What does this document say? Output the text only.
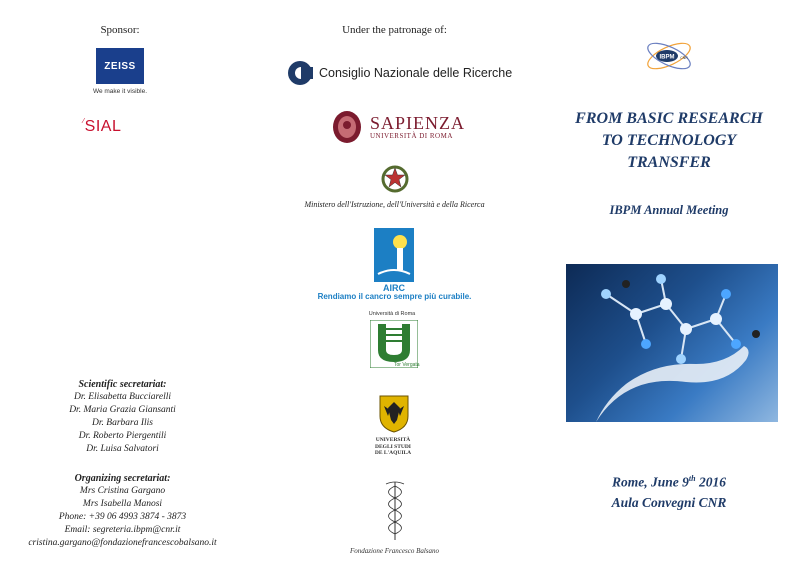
Sponsor:
ZEISS
We make it visible.
⁄SIAL
Scientific secretariat:
Dr. Elisabetta Bucciarelli
Dr. Maria Grazia Giansanti
Dr. Barbara Ilis
Dr. Roberto Piergentili
Dr. Luisa Salvatori
Organizing secretariat:
Mrs Cristina Gargano
Mrs Isabella Manosi
Phone: +39 06 4993 3874 - 3873
Email: segreteria.ibpm@cnr.it
cristina.gargano@fondazionefrancescobalsano.it
Under the patronage of:
Consiglio Nazionale delle Ricerche
SAPIENZA
UNIVERSITÀ DI ROMA
Ministero dell'Istruzione, dell'Università e della Ricerca
AIRC
Rendiamo il cancro sempre più curabile.
Università di Roma
Tor Vergata
UNIVERSITÀ
DEGLI STUDI
DE L'AQUILA
Fondazione Francesco Balsano
IBPM CNR
FROM BASIC RESEARCH
TO TECHNOLOGY
TRANSFER
IBPM Annual Meeting
Rome, June 9th 2016
Aula Convegni CNR
